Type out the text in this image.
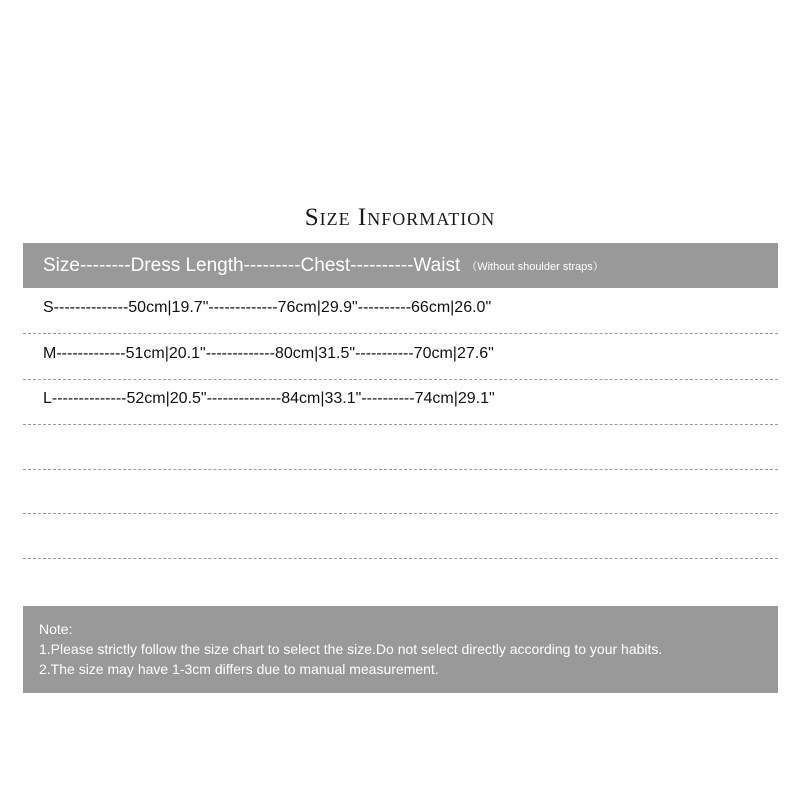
Size Information
Size--------Dress Length---------Chest----------Waist （Without shoulder straps）
S--------------50cm|19.7"-------------76cm|29.9"----------66cm|26.0"
M-------------51cm|20.1"-------------80cm|31.5"-----------70cm|27.6"
L--------------52cm|20.5"--------------84cm|33.1"----------74cm|29.1"
Note:
1.Please strictly follow the size chart to select the size.Do not select directly according to your habits.
2.The size may have 1-3cm differs due to manual measurement.
